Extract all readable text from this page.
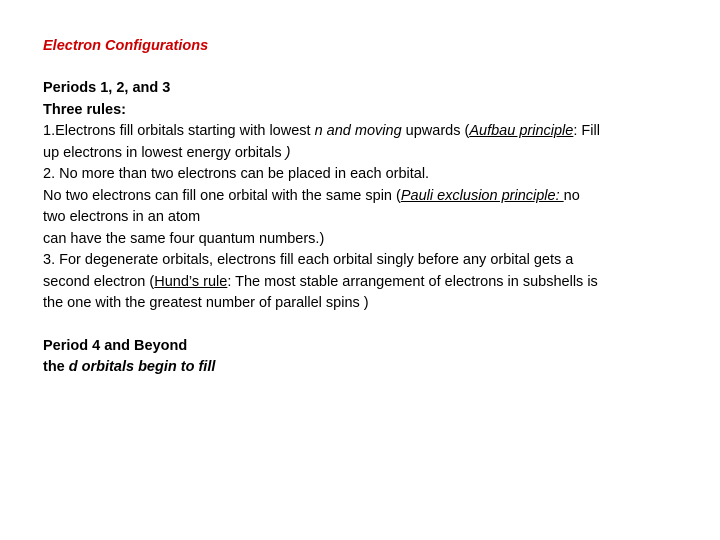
Electron Configurations
Periods 1, 2, and 3
Three rules:
1.Electrons fill orbitals starting with lowest n and moving upwards (Aufbau principle: Fill
up electrons in lowest energy orbitals )
2. No more than two electrons can be placed in each orbital.
No two electrons can fill one orbital with the same spin (Pauli exclusion principle: no
two electrons in an atom
can have the same four quantum numbers.)
3. For degenerate orbitals, electrons fill each orbital singly before any orbital gets a
second electron (Hund’s rule: The most stable arrangement of electrons in subshells is
the one with the greatest number of parallel spins )
Period 4 and Beyond
the d orbitals begin to fill
